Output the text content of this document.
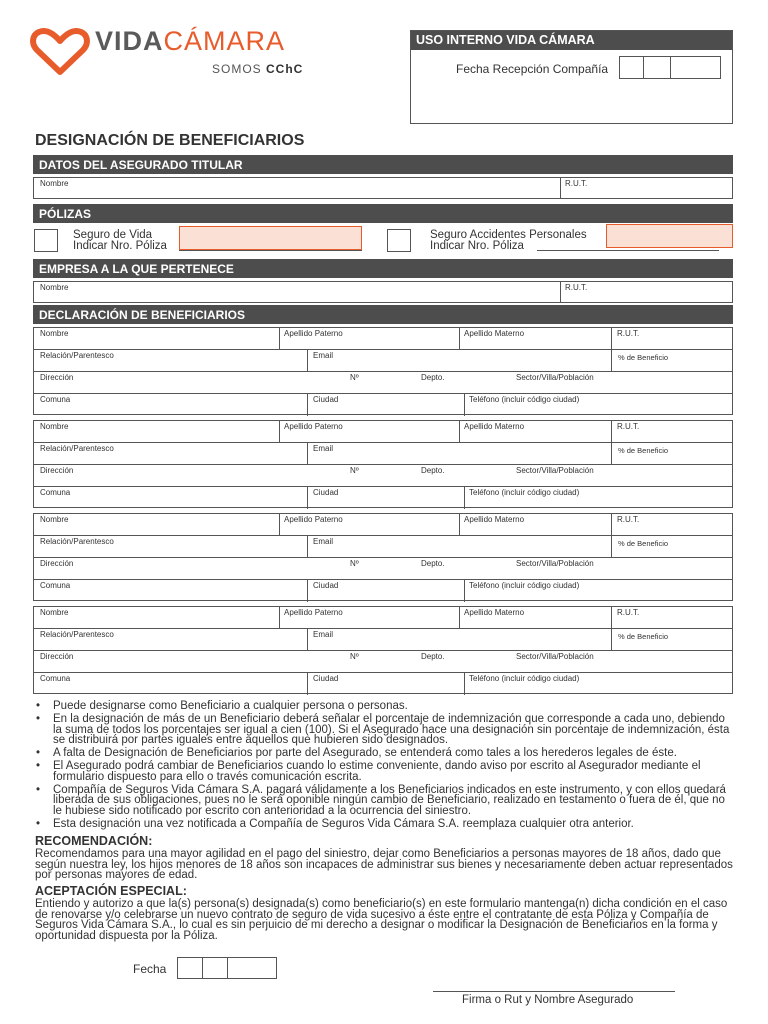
VIDACÁMARA
SOMOS CChC
USO INTERNO VIDA CÁMARA
Fecha Recepción Compañía
DESIGNACIÓN DE BENEFICIARIOS
DATOS DEL ASEGURADO TITULAR
Nombre	R.U.T.
PÓLIZAS
Seguro de Vida
Indicar Nro. Póliza
Seguro Accidentes Personales
Indicar Nro. Póliza
EMPRESA A LA QUE PERTENECE
Nombre	R.U.T.
DECLARACIÓN DE BENEFICIARIOS
Nombre	Apellido Paterno	Apellido Materno	R.U.T.
Relación/Parentesco	Email	% de Beneficio
Dirección	Nº	Depto.	Sector/Villa/Población
Comuna	Ciudad	Teléfono (incluir código ciudad)
Nombre	Apellido Paterno	Apellido Materno	R.U.T.
Relación/Parentesco	Email	% de Beneficio
Dirección	Nº	Depto.	Sector/Villa/Población
Comuna	Ciudad	Teléfono (incluir código ciudad)
Nombre	Apellido Paterno	Apellido Materno	R.U.T.
Relación/Parentesco	Email	% de Beneficio
Dirección	Nº	Depto.	Sector/Villa/Población
Comuna	Ciudad	Teléfono (incluir código ciudad)
Nombre	Apellido Paterno	Apellido Materno	R.U.T.
Relación/Parentesco	Email	% de Beneficio
Dirección	Nº	Depto.	Sector/Villa/Población
Comuna	Ciudad	Teléfono (incluir código ciudad)
• Puede designarse como Beneficiario a cualquier persona o personas.
• En la designación de más de un Beneficiario deberá señalar el porcentaje de indemnización que corresponde a cada uno, debiendo la suma de todos los porcentajes ser igual a cien (100). Si el Asegurado hace una designación sin porcentaje de indemnización, ésta se distribuirá por partes iguales entre aquellos que hubieren sido designados.
• A falta de Designación de Beneficiarios por parte del Asegurado, se entenderá como tales a los herederos legales de éste.
• El Asegurado podrá cambiar de Beneficiarios cuando lo estime conveniente, dando aviso por escrito al Asegurador mediante el formulario dispuesto para ello o través comunicación escrita.
• Compañía de Seguros Vida Cámara S.A. pagará válidamente a los Beneficiarios indicados en este instrumento, y con ellos quedará liberada de sus obligaciones, pues no le será oponible ningún cambio de Beneficiario, realizado en testamento o fuera de él, que no le hubiese sido notificado por escrito con anterioridad a la ocurrencia del siniestro.
• Esta designación una vez notificada a Compañía de Seguros Vida Cámara S.A. reemplaza cualquier otra anterior.
RECOMENDACIÓN:
Recomendamos para una mayor agilidad en el pago del siniestro, dejar como Beneficiarios a personas mayores de 18 años, dado que según nuestra ley, los hijos menores de 18 años son incapaces de administrar sus bienes y necesariamente deben actuar representados por personas mayores de edad.
ACEPTACIÓN ESPECIAL:
Entiendo y autorizo a que la(s) persona(s) designada(s) como beneficiario(s) en este formulario mantenga(n) dicha condición en el caso de renovarse y/o celebrarse un nuevo contrato de seguro de vida sucesivo a éste entre el contratante de esta Póliza y Compañía de Seguros Vida Cámara S.A., lo cual es sin perjuicio de mi derecho a designar o modificar la Designación de Beneficiarios en la forma y oportunidad dispuesta por la Póliza.
Fecha
Firma o Rut y Nombre Asegurado
